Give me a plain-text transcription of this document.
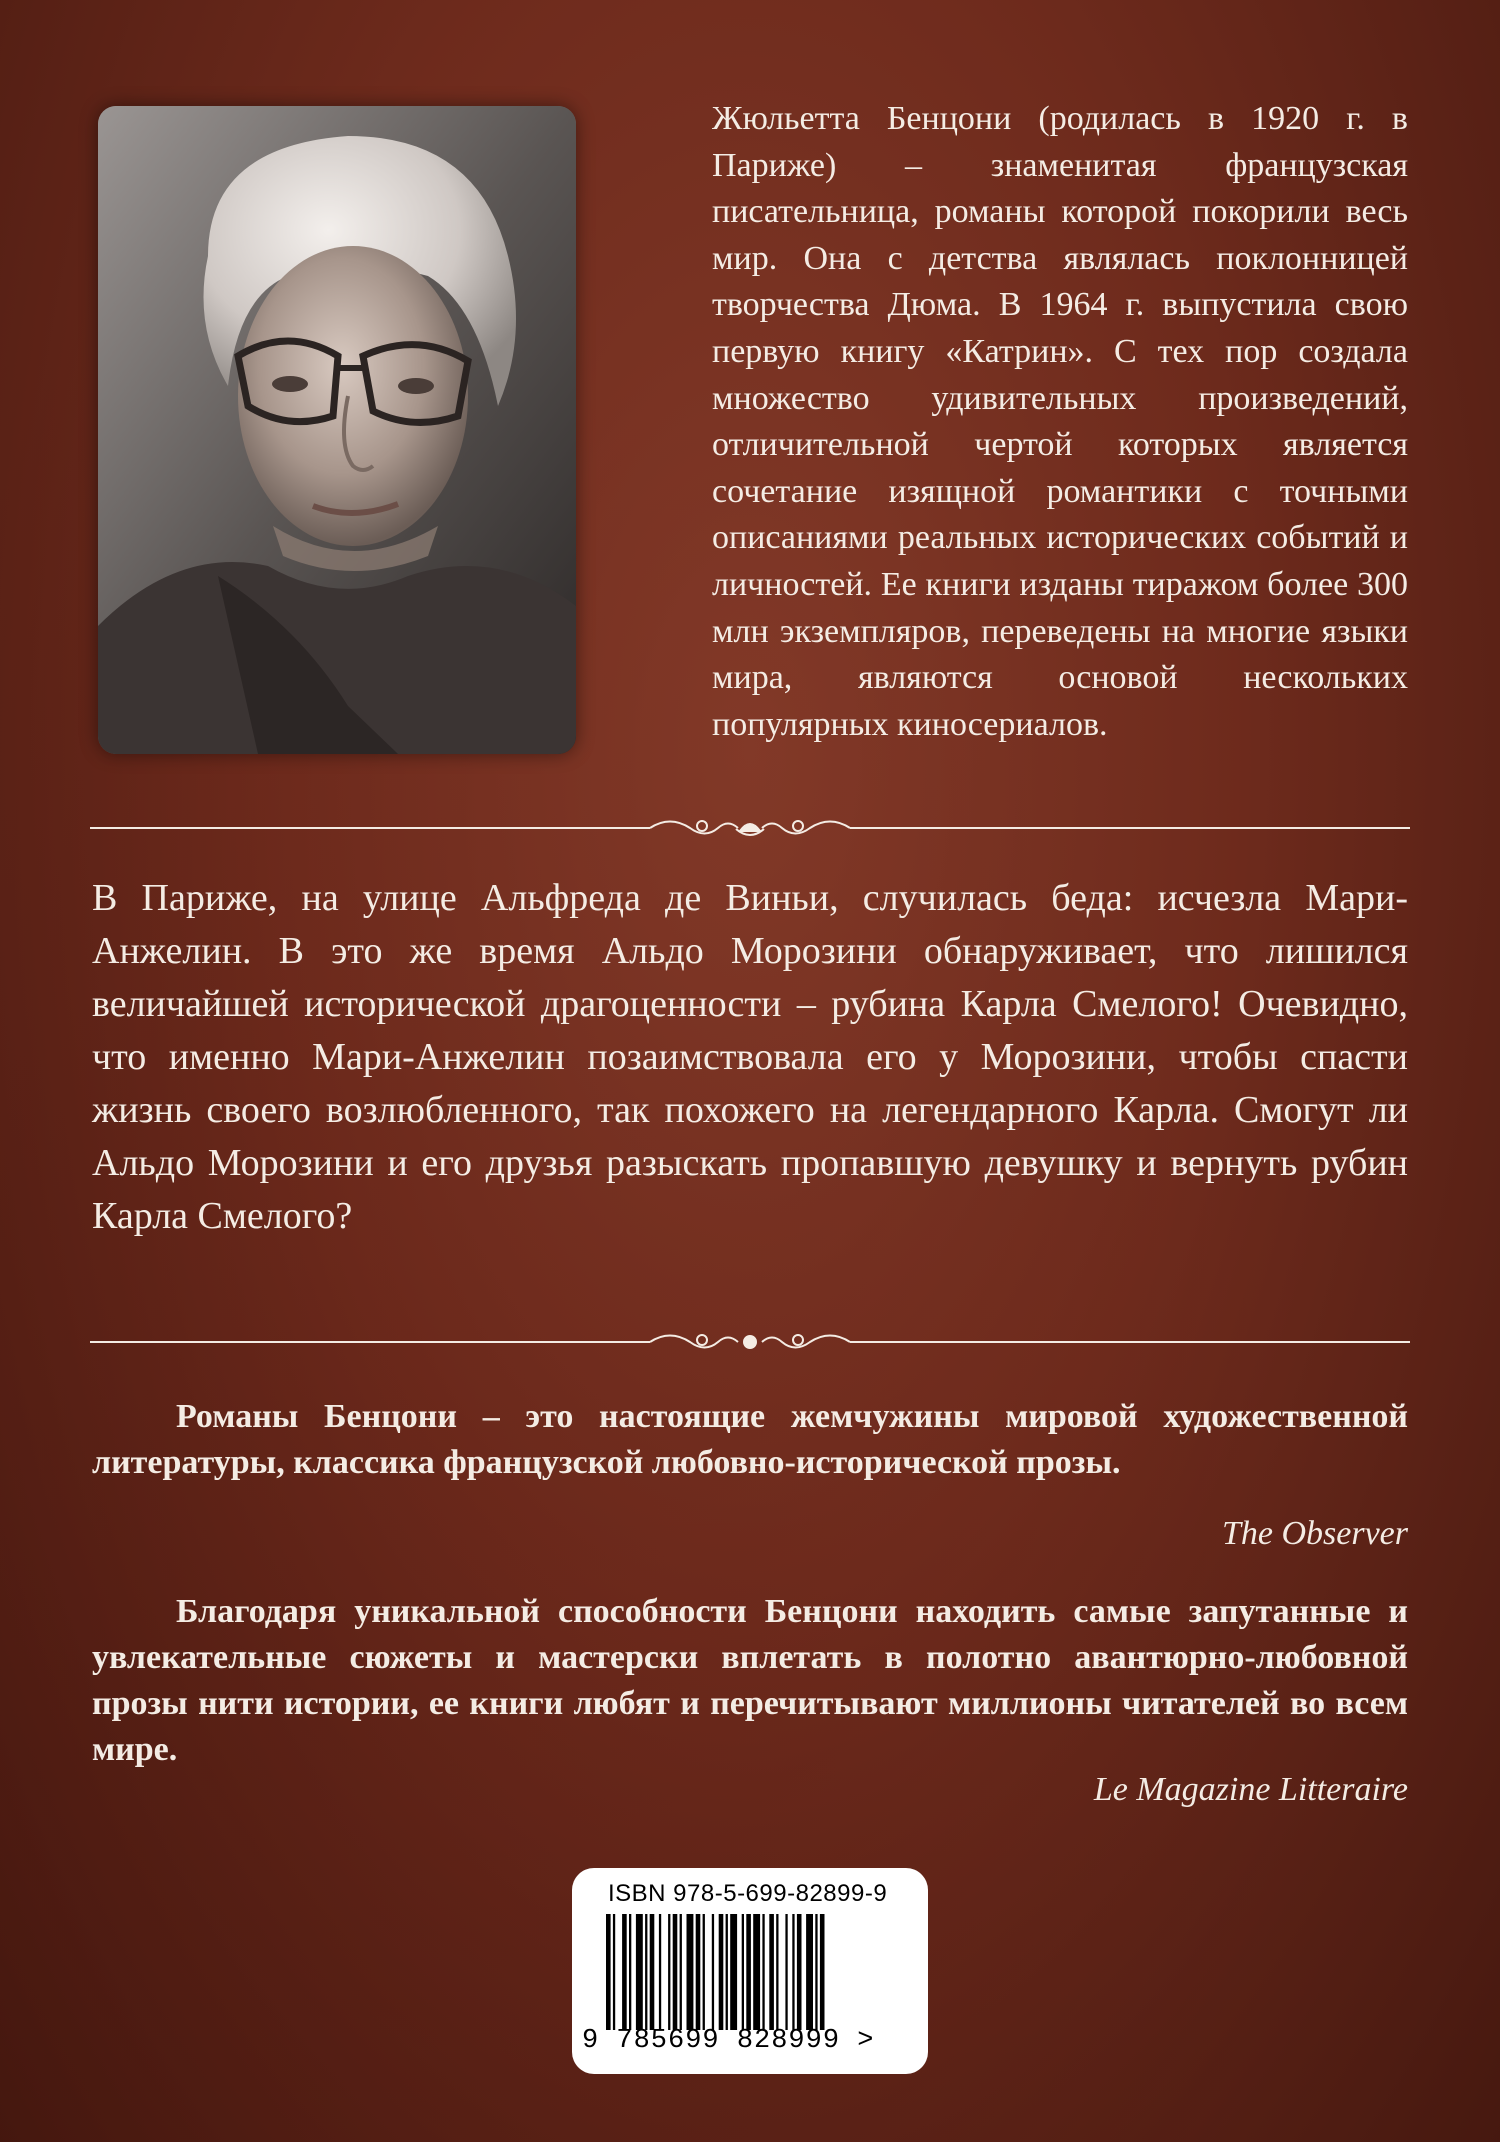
Жюльетта Бенцони (родилась в 1920 г. в Париже) – знаменитая французская писательница, романы которой покорили весь мир. Она с детства являлась поклонницей творчества Дюма. В 1964 г. выпустила свою первую книгу «Катрин». С тех пор создала множество удивительных произведений, отличительной чертой которых является сочетание изящной романтики с точными описаниями реальных исторических событий и личностей. Ее книги изданы тиражом более 300 млн экземпляров, переведены на многие языки мира, являются основой нескольких популярных киносериалов.

В Париже, на улице Альфреда де Виньи, случилась беда: исчезла Мари-Анжелин. В это же время Альдо Морозини обнаруживает, что лишился величайшей исторической драгоценности – рубина Карла Смелого! Очевидно, что именно Мари-Анжелин позаимствовала его у Морозини, чтобы спасти жизнь своего возлюбленного, так похожего на легендарного Карла. Смогут ли Альдо Морозини и его друзья разыскать пропавшую девушку и вернуть рубин Карла Смелого?

Романы Бенцони – это настоящие жемчужины мировой художественной литературы, классика французской любовно-исторической прозы.

The Observer

Благодаря уникальной способности Бенцони находить самые запутанные и увлекательные сюжеты и мастерски вплетать в полотно авантюрно-любовной прозы нити истории, ее книги любят и перечитывают миллионы читателей во всем мире.

Le Magazine Litteraire
ISBN 978-5-699-82899-9
9 785699 828999 >
